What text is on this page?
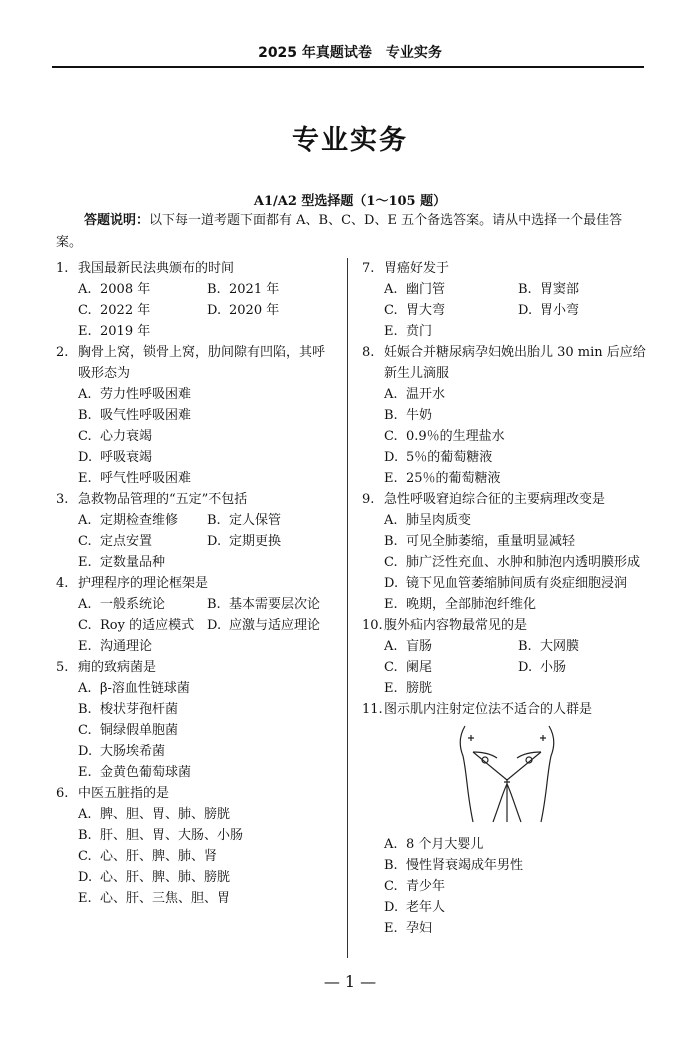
2025 年真题试卷　专业实务
专业实务
A1/A2 型选择题（1～105 题）

答题说明：以下每一道考题下面都有 A、B、C、D、E 五个备选答案。请从中选择一个最佳答案。

1. 我国最新民法典颁布的时间
A. 2008 年	B. 2021 年
C. 2022 年	D. 2020 年
E. 2019 年
2. 胸骨上窝，锁骨上窝，肋间隙有凹陷，其呼吸形态为
A. 劳力性呼吸困难
B. 吸气性呼吸困难
C. 心力衰竭
D. 呼吸衰竭
E. 呼气性呼吸困难
3. 急救物品管理的“五定”不包括
A. 定期检查维修	B. 定人保管
C. 定点安置	D. 定期更换
E. 定数量品种
4. 护理程序的理论框架是
A. 一般系统论	B. 基本需要层次论
C. Roy 的适应模式 D. 应激与适应理论
E. 沟通理论
5. 痈的致病菌是
A. β-溶血性链球菌
B. 梭状芽孢杆菌
C. 铜绿假单胞菌
D. 大肠埃希菌
E. 金黄色葡萄球菌
6. 中医五脏指的是
A. 脾、胆、胃、肺、膀胱
B. 肝、胆、胃、大肠、小肠
C. 心、肝、脾、肺、肾
D. 心、肝、脾、肺、膀胱
E. 心、肝、三焦、胆、胃
7. 胃癌好发于
A. 幽门管	B. 胃窦部
C. 胃大弯	D. 胃小弯
E. 贲门
8. 妊娠合并糖尿病孕妇娩出胎儿 30 min 后应给新生儿滴服
A. 温开水
B. 牛奶
C. 0.9％的生理盐水
D. 5％的葡萄糖液
E. 25％的葡萄糖液
9. 急性呼吸窘迫综合征的主要病理改变是
A. 肺呈肉质变
B. 可见全肺萎缩，重量明显减轻
C. 肺广泛性充血、水肿和肺泡内透明膜形成
D. 镜下见血管萎缩肺间质有炎症细胞浸润
E. 晚期，全部肺泡纤维化
10. 腹外疝内容物最常见的是
A. 盲肠	B. 大网膜
C. 阑尾	D. 小肠
E. 膀胱
11. 图示肌内注射定位法不适合的人群是
A. 8 个月大婴儿
B. 慢性肾衰竭成年男性
C. 青少年
D. 老年人
E. 孕妇
— 1 —
